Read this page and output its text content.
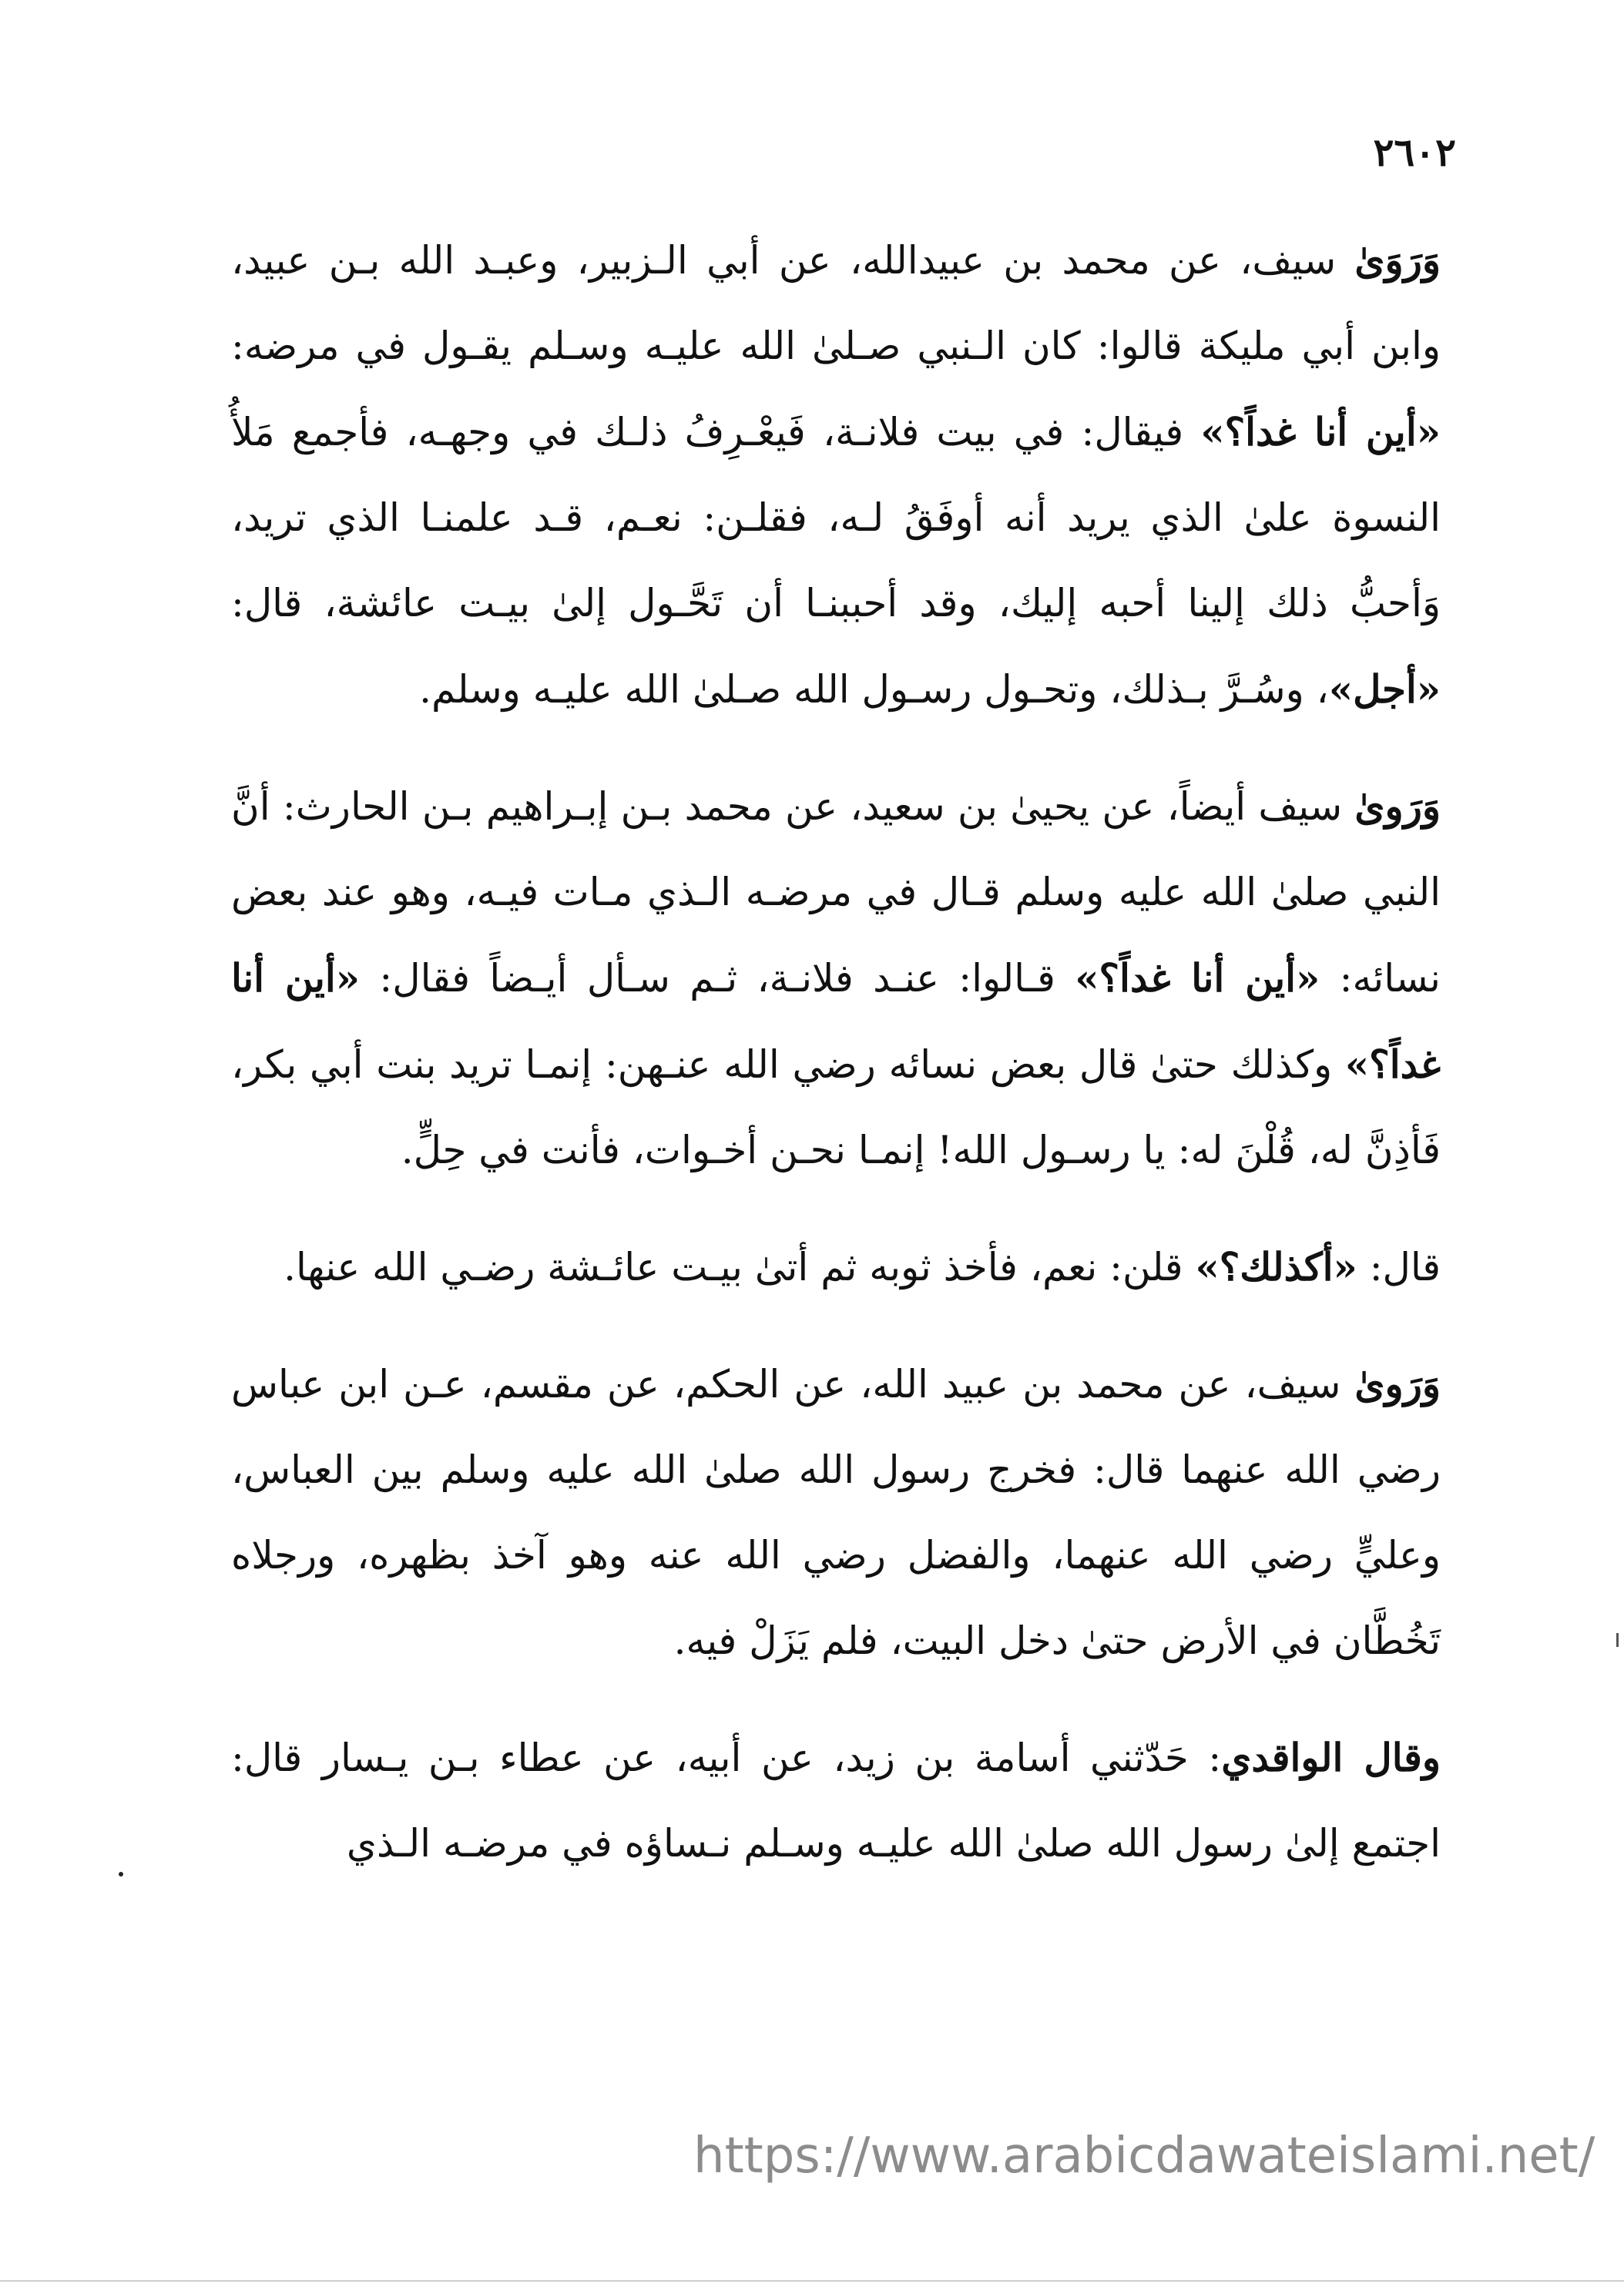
٢٦٠٢

وَرَوَىٰ سيف، عن محمد بن عبيدالله، عن أبي الـزبير، وعبـد الله بـن عبيد، وابن أبي مليكة قالوا: كان الـنبي صـلىٰ الله عليـه وسـلم يقـول في مرضه: «أين أنا غداً؟» فيقال: في بيت فلانـة، فَيعْـرِفُ ذلـك في وجهـه، فأجمع مَلأُ النسوة علىٰ الذي يريد أنه أوفَقُ لـه، فقلـن: نعـم، قـد علمنـا الذي تريد، وَأحبُّ ذلك إلينا أحبه إليك، وقد أحببنـا أن تَحَّـول إلىٰ بيـت عائشة، قال: «أجل»، وسُـرَّ بـذلك، وتحـول رسـول الله صـلىٰ الله عليـه وسلم.

وَرَوىٰ سيف أيضاً، عن يحيىٰ بن سعيد، عن محمد بـن إبـراهيم بـن الحارث: أنَّ النبي صلىٰ الله عليه وسلم قـال في مرضـه الـذي مـات فيـه، وهو عند بعض نسائه: «أين أنا غداً؟» قـالوا: عنـد فلانـة، ثـم سـأل أيـضاً فقال: «أين أنا غداً؟» وكذلك حتىٰ قال بعض نسائه رضي الله عنـهن: إنمـا تريد بنت أبي بكر، فَأذِنَّ له، قُلْنَ له: يا رسـول الله! إنمـا نحـن أخـوات، فأنت في حِلٍّ.

قال: «أكذلك؟» قلن: نعم، فأخذ ثوبه ثم أتىٰ بيـت عائـشة رضـي الله عنها.

وَرَوىٰ سيف، عن محمد بن عبيد الله، عن الحكم، عن مقسم، عـن ابن عباس رضي الله عنهما قال: فخرج رسول الله صلىٰ الله عليه وسلم بين العباس، وعليٍّ رضي الله عنهما، والفضل رضي الله عنه وهو آخذ بظهره، ورجلاه تَخُطَّان في الأرض حتىٰ دخل البيت، فلم يَزَلْ فيه.

وقال الواقدي: حَدّثني أسامة بن زيد، عن أبيه، عن عطاء بـن يـسار قال: اجتمع إلىٰ رسول الله صلىٰ الله عليـه وسـلم نـساؤه في مرضـه الـذي

https://www.arabicdawateislami.net/
